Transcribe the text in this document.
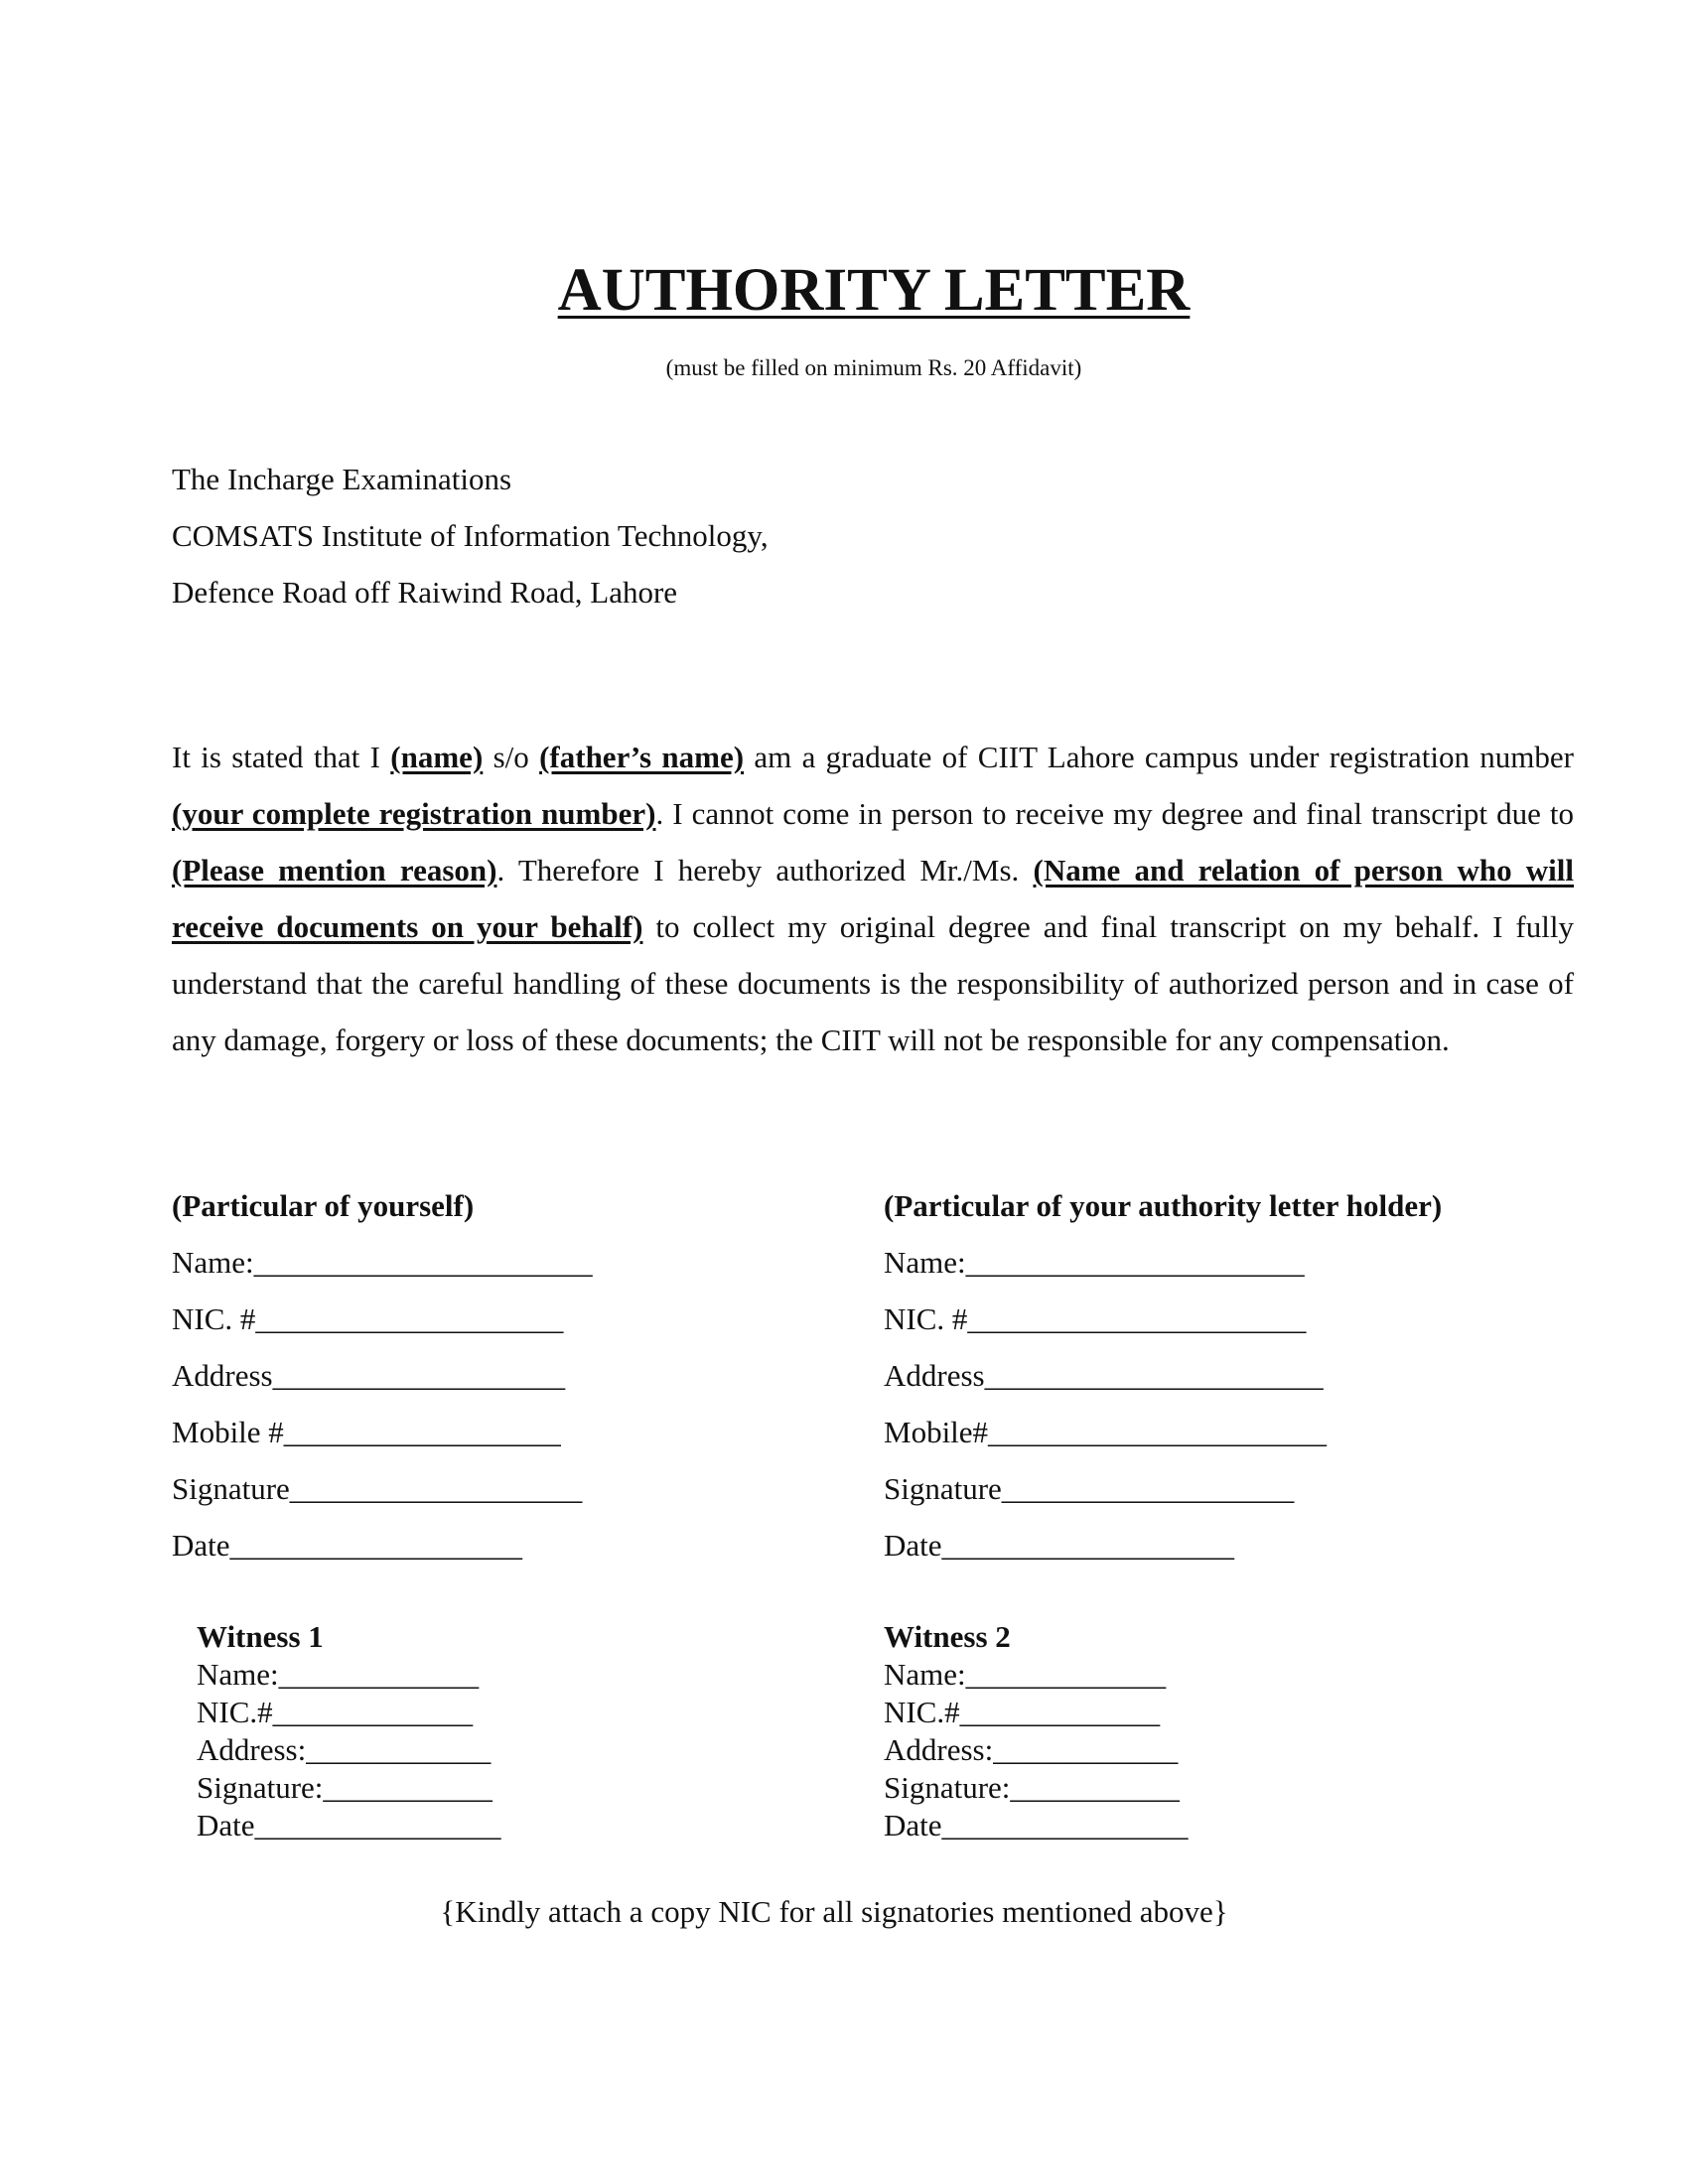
AUTHORITY LETTER

(must be filled on minimum Rs. 20 Affidavit)

The Incharge Examinations
COMSATS Institute of Information Technology,
Defence Road off Raiwind Road, Lahore

It is stated that I (name) s/o (father’s name) am a graduate of CIIT Lahore campus under registration number (your complete registration number). I cannot come in person to receive my degree and final transcript due to (Please mention reason). Therefore I hereby authorized Mr./Ms. (Name and relation of person who will receive documents on your behalf) to collect my original degree and final transcript on my behalf. I fully understand that the careful handling of these documents is the responsibility of authorized person and in case of any damage, forgery or loss of these documents; the CIIT will not be responsible for any compensation.

(Particular of yourself)
Name:______________________
NIC. #____________________
Address___________________
Mobile #__________________
Signature___________________
Date___________________
(Particular of your authority letter holder)
Name:______________________
NIC. #______________________
Address______________________
Mobile#______________________
Signature___________________
Date___________________
Witness 1
Name:_____________
NIC.#_____________
Address:____________
Signature:___________
Date________________
Witness 2
Name:_____________
NIC.#_____________
Address:____________
Signature:___________
Date________________
{Kindly attach a copy NIC for all signatories mentioned above}
